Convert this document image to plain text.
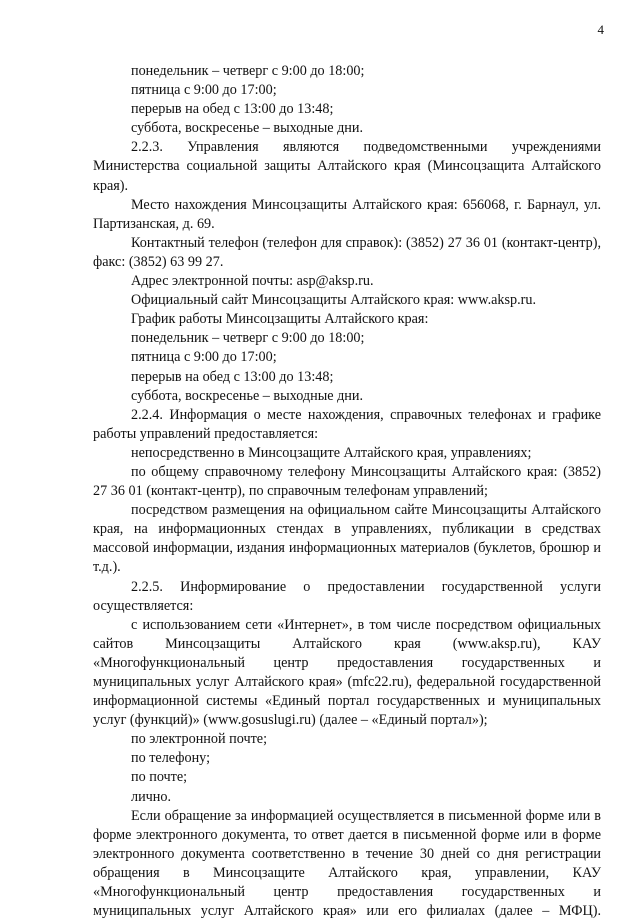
4

понедельник – четверг с 9:00 до 18:00;

пятница с 9:00 до 17:00;

перерыв на обед с 13:00 до 13:48;

суббота, воскресенье – выходные дни.

2.2.3. Управления являются подведомственными учреждениями Министерства социальной защиты Алтайского края (Минсоцзащита Алтайского края).

Место нахождения Минсоцзащиты Алтайского края: 656068, г. Барнаул, ул. Партизанская, д. 69.

Контактный телефон (телефон для справок): (3852) 27 36 01 (контакт-центр), факс: (3852) 63 99 27.

Адрес электронной почты: asp@aksp.ru.

Официальный сайт Минсоцзащиты Алтайского края: www.aksp.ru.

График работы Минсоцзащиты Алтайского края:

понедельник – четверг с 9:00 до 18:00;

пятница с 9:00 до 17:00;

перерыв на обед с 13:00 до 13:48;

суббота, воскресенье – выходные дни.

2.2.4. Информация о месте нахождения, справочных телефонах и графике работы управлений предоставляется:

непосредственно в Минсоцзащите Алтайского края, управлениях;

по общему справочному телефону Минсоцзащиты Алтайского края: (3852) 27 36 01 (контакт-центр), по справочным телефонам управлений;

посредством размещения на официальном сайте Минсоцзащиты Алтайского края, на информационных стендах в управлениях, публикации в средствах массовой информации, издания информационных материалов (буклетов, брошюр и т.д.).

2.2.5. Информирование о предоставлении государственной услуги осуществляется:

с использованием сети «Интернет», в том числе посредством официальных сайтов Минсоцзащиты Алтайского края (www.aksp.ru), КАУ «Многофункциональный центр предоставления государственных и муниципальных услуг Алтайского края» (mfc22.ru), федеральной государственной информационной системы «Единый портал государственных и муниципальных услуг (функций)» (www.gosuslugi.ru) (далее – «Единый портал»);

по электронной почте;

по телефону;

по почте;

лично.

Если обращение за информацией осуществляется в письменной форме или в форме электронного документа, то ответ дается в письменной форме или в форме электронного документа соответственно в течение 30 дней со дня регистрации обращения в Минсоцзащите Алтайского края, управлении, КАУ «Многофункциональный центр предоставления государственных и муниципальных услуг Алтайского края» или его филиалах (далее – МФЦ).
